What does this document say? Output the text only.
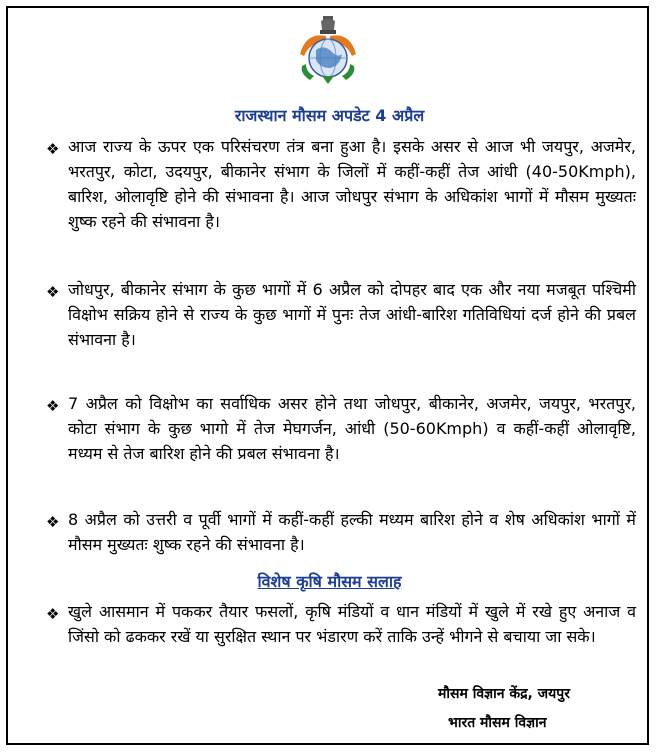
राजस्थान मौसम अपडेट 4 अप्रैल
❖ आज राज्य के ऊपर एक परिसंचरण तंत्र बना हुआ है। इसके असर से आज भी जयपुर, अजमेर, भरतपुर, कोटा, उदयपुर, बीकानेर संभाग के जिलों में कहीं-कहीं तेज आंधी (40-50Kmph), बारिश, ओलावृष्टि होने की संभावना है। आज जोधपुर संभाग के अधिकांश भागों में मौसम मुख्यतः शुष्क रहने की संभावना है।
❖ जोधपुर, बीकानेर संभाग के कुछ भागों में 6 अप्रैल को दोपहर बाद एक और नया मजबूत पश्चिमी विक्षोभ सक्रिय होने से राज्य के कुछ भागों में पुनः तेज आंधी-बारिश गतिविधियां दर्ज होने की प्रबल संभावना है।
❖ 7 अप्रैल को विक्षोभ का सर्वाधिक असर होने तथा जोधपुर, बीकानेर, अजमेर, जयपुर, भरतपुर, कोटा संभाग के कुछ भागो में तेज मेघगर्जन, आंधी (50-60Kmph) व कहीं-कहीं ओलावृष्टि, मध्यम से तेज बारिश होने की प्रबल संभावना है।
❖ 8 अप्रैल को उत्तरी व पूर्वी भागों में कहीं-कहीं हल्की मध्यम बारिश होने व शेष अधिकांश भागों में मौसम मुख्यतः शुष्क रहने की संभावना है।
विशेष कृषि मौसम सलाह
❖ खुले आसमान में पककर तैयार फसलों, कृषि मंडियों व धान मंडियों में खुले में रखे हुए अनाज व जिंसो को ढककर रखें या सुरक्षित स्थान पर भंडारण करें ताकि उन्हें भीगने से बचाया जा सके।
मौसम विज्ञान केंद्र, जयपुर
भारत मौसम विज्ञान
